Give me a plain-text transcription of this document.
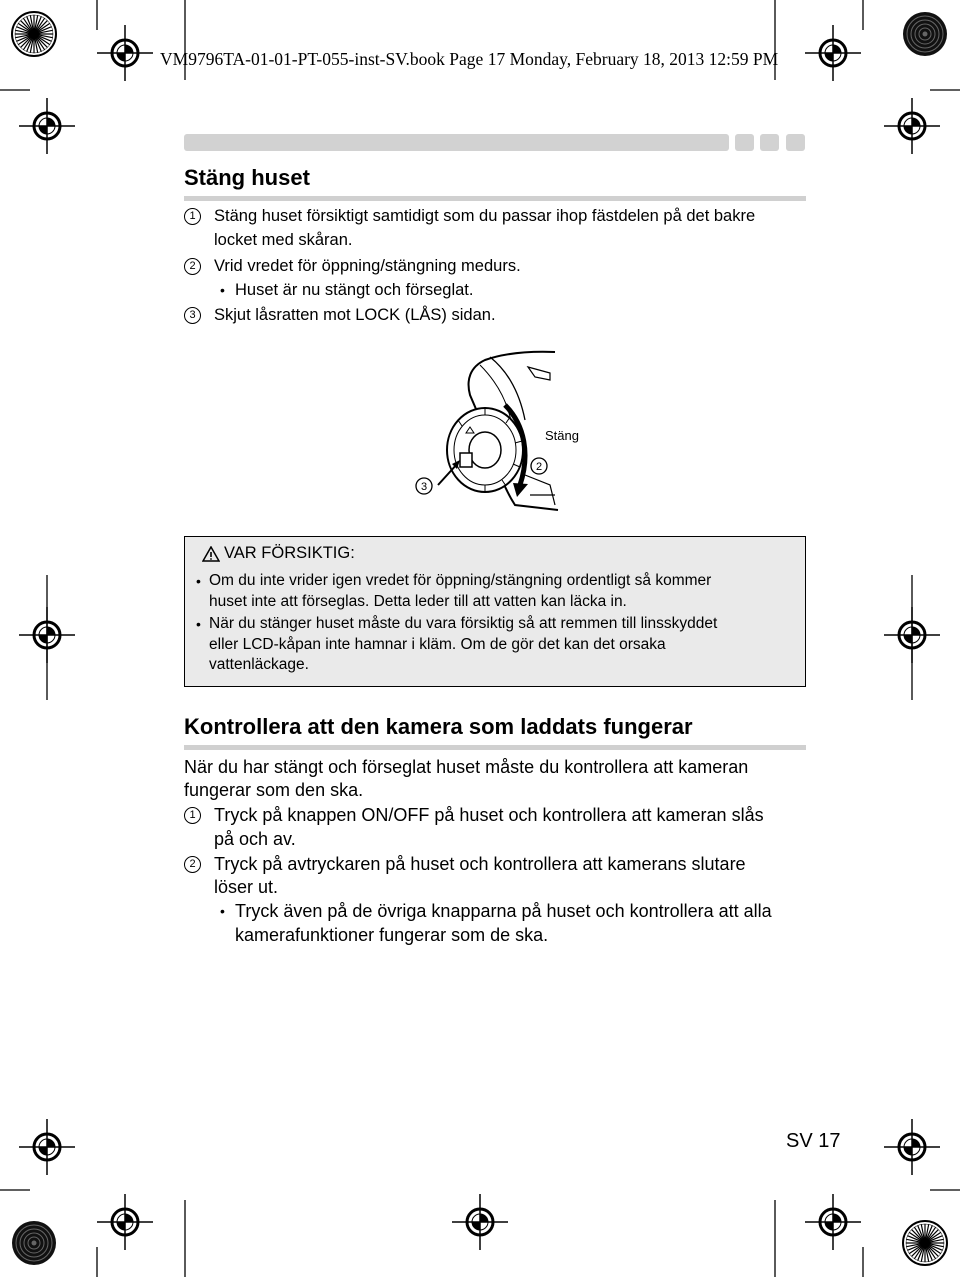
VM9796TA-01-01-PT-055-inst-SV.book Page 17 Monday, February 18, 2013 12:59 PM
Stäng huset
1	Stäng huset försiktigt samtidigt som du passar ihop fästdelen på det bakre
locket med skåran.
2	Vrid vredet för öppning/stängning medurs.
• Huset är nu stängt och förseglat.
3	Skjut låsratten mot LOCK (LÅS) sidan.
2
3
Stäng
VAR FÖRSIKTIG:
• Om du inte vrider igen vredet för öppning/stängning ordentligt så kommer
huset inte att förseglas. Detta leder till att vatten kan läcka in.
• När du stänger huset måste du vara försiktig så att remmen till linsskyddet
eller LCD-kåpan inte hamnar i kläm. Om de gör det kan det orsaka
vattenläckage.
Kontrollera att den kamera som laddats fungerar
När du har stängt och förseglat huset måste du kontrollera att kameran
fungerar som den ska.
1	Tryck på knappen ON/OFF på huset och kontrollera att kameran slås
på och av.
2	Tryck på avtryckaren på huset och kontrollera att kamerans slutare
löser ut.
• Tryck även på de övriga knapparna på huset och kontrollera att alla
kamerafunktioner fungerar som de ska.
SV 17
